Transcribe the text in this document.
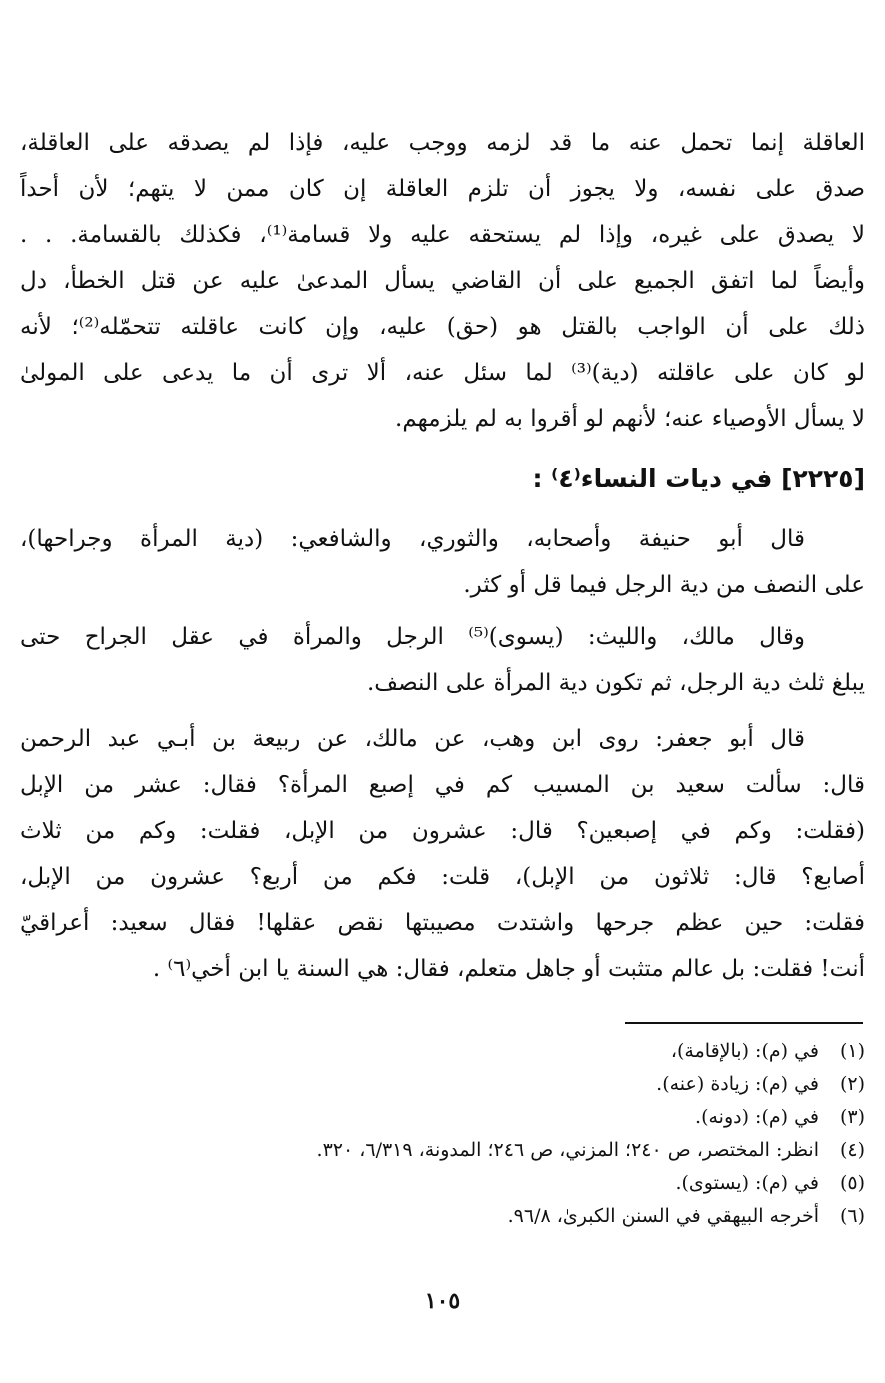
العاقلة إنما تحمل عنه ما قد لزمه ووجب عليه، فإذا لم يصدقه على العاقلة،
صدق على نفسه، ولا يجوز أن تلزم العاقلة إن كان ممن لا يتهم؛ لأن أحداً
لا يصدق على غيره، وإذا لم يستحقه عليه ولا قسامة⁽¹⁾، فكذلك بالقسامة. . .
وأيضاً لما اتفق الجميع على أن القاضي يسأل المدعىٰ عليه عن قتل الخطأ، دل
ذلك على أن الواجب بالقتل هو (حق) عليه، وإن كانت عاقلته تتحمّله⁽²⁾؛ لأنه
لو كان على عاقلته (دية)⁽³⁾ لما سئل عنه، ألا ترى أن ما يدعى على المولىٰ
لا يسأل الأوصياء عنه؛ لأنهم لو أقروا به لم يلزمهم.
[٢٢٢٥] في ديات النساء⁽٤⁾ :
قال أبو حنيفة وأصحابه، والثوري، والشافعي: (دية المرأة وجراحها)،
على النصف من دية الرجل فيما قل أو كثر.
وقال مالك، والليث: (يسوى)⁽⁵⁾ الرجل والمرأة في عقل الجراح حتى
يبلغ ثلث دية الرجل، ثم تكون دية المرأة على النصف.
قال أبو جعفر: روى ابن وهب، عن مالك، عن ربيعة بن أبـي عبد الرحمن
قال: سألت سعيد بن المسيب كم في إصبع المرأة؟ فقال: عشر من الإبل
(فقلت: وكم في إصبعين؟ قال: عشرون من الإبل، فقلت: وكم من ثلاث
أصابع؟ قال: ثلاثون من الإبل)، قلت: فكم من أربع؟ عشرون من الإبل،
فقلت: حين عظم جرحها واشتدت مصيبتها نقص عقلها! فقال سعيد: أعراقيّ
أنت! فقلت: بل عالم متثبت أو جاهل متعلم، فقال: هي السنة يا ابن أخي⁽٦⁾ .
(١)في (م): (بالإقامة)،
(٢)في (م): زيادة (عنه).
(٣)في (م): (دونه).
(٤)انظر: المختصر، ص ٢٤٠؛ المزني، ص ٢٤٦؛ المدونة، ٦/٣١٩، ٣٢٠.
(٥)في (م): (يستوى).
(٦)أخرجه البيهقي في السنن الكبرىٰ، ٩٦/٨.
١٠٥
